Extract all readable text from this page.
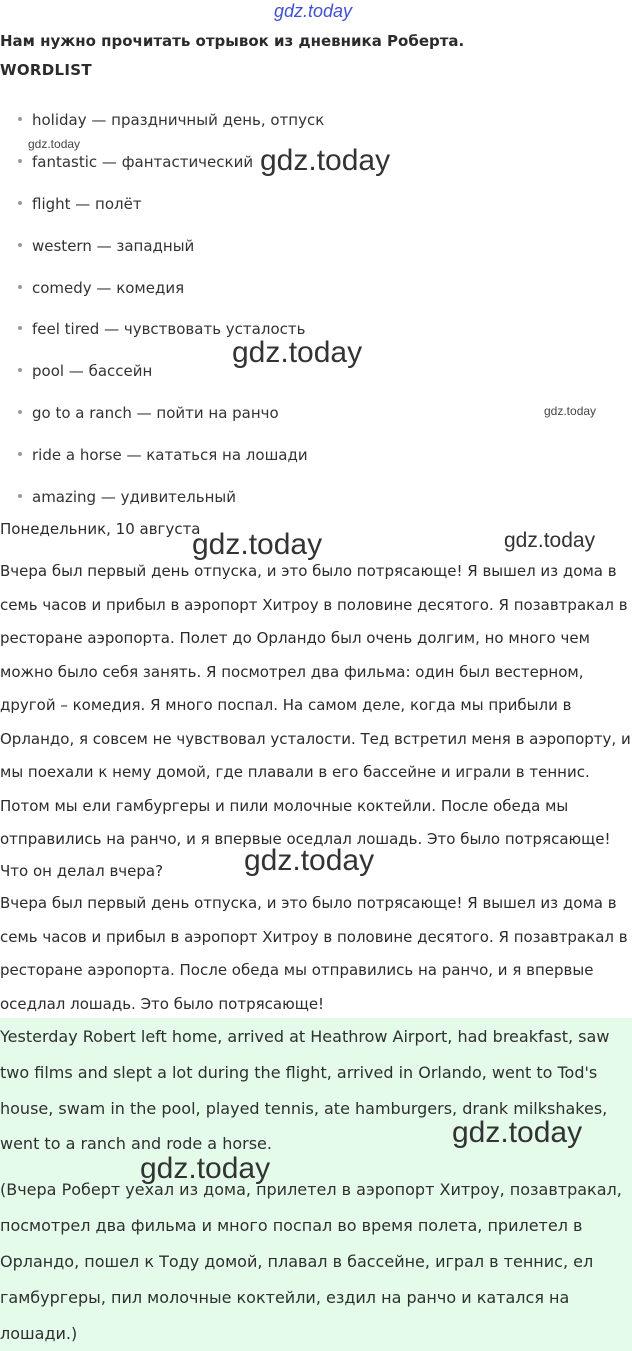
gdz.today
Нам нужно прочитать отрывок из дневника Роберта.
WORDLIST
holiday — праздничный день, отпуск
fantastic — фантастический
flight — полёт
western — западный
comedy — комедия
feel tired — чувствовать усталость
pool — бассейн
go to a ranch — пойти на ранчо
ride a horse — кататься на лошади
amazing — удивительный
Понедельник, 10 августа
Вчера был первый день отпуска, и это было потрясающе! Я вышел из дома в
семь часов и прибыл в аэропорт Хитроу в половине десятого. Я позавтракал в
ресторане аэропорта. Полет до Орландо был очень долгим, но много чем
можно было себя занять. Я посмотрел два фильма: один был вестерном,
другой – комедия. Я много поспал. На самом деле, когда мы прибыли в
Орландо, я совсем не чувствовал усталости. Тед встретил меня в аэропорту, и
мы поехали к нему домой, где плавали в его бассейне и играли в теннис.
Потом мы ели гамбургеры и пили молочные коктейли. После обеда мы
отправились на ранчо, и я впервые оседлал лошадь. Это было потрясающе!
Что он делал вчера?
Вчера был первый день отпуска, и это было потрясающе! Я вышел из дома в
семь часов и прибыл в аэропорт Хитроу в половине десятого. Я позавтракал в
ресторане аэропорта. После обеда мы отправились на ранчо, и я впервые
оседлал лошадь. Это было потрясающе!
Yesterday Robert left home, arrived at Heathrow Airport, had breakfast, saw
two films and slept a lot during the flight, arrived in Orlando, went to Tod's
house, swam in the pool, played tennis, ate hamburgers, drank milkshakes,
went to a ranch and rode a horse.
(Вчера Роберт уехал из дома, прилетел в аэропорт Хитроу, позавтракал,
посмотрел два фильма и много поспал во время полета, прилетел в
Орландо, пошел к Тоду домой, плавал в бассейне, играл в теннис, ел
гамбургеры, пил молочные коктейли, ездил на ранчо и катался на
лошади.)
gdz.today	gdz.today
gdz.today
gdz.today
gdz.today	gdz.today
gdz.today
gdz.today
gdz.today
